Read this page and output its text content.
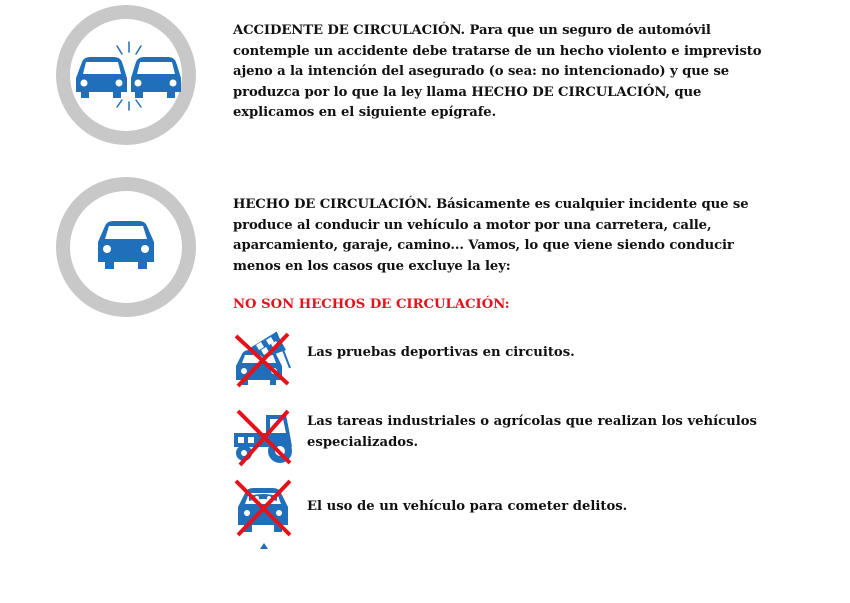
ACCIDENTE DE CIRCULACIÓN. Para que un seguro de automóvil contemple un accidente debe tratarse de un hecho violento e imprevisto ajeno a la intención del asegurado (o sea: no intencionado) y que se produzca por lo que la ley llama HECHO DE CIRCULACIÓN, que explicamos en el siguiente epígrafe.

HECHO DE CIRCULACIÓN. Básicamente es cualquier incidente que se produce al conducir un vehículo a motor por una carretera, calle, aparcamiento, garaje, camino... Vamos, lo que viene siendo conducir menos en los casos que excluye la ley:

NO SON HECHOS DE CIRCULACIÓN:

Las pruebas deportivas en circuitos.
Las tareas industriales o agrícolas que realizan los vehículos especializados.
El uso de un vehículo para cometer delitos.
